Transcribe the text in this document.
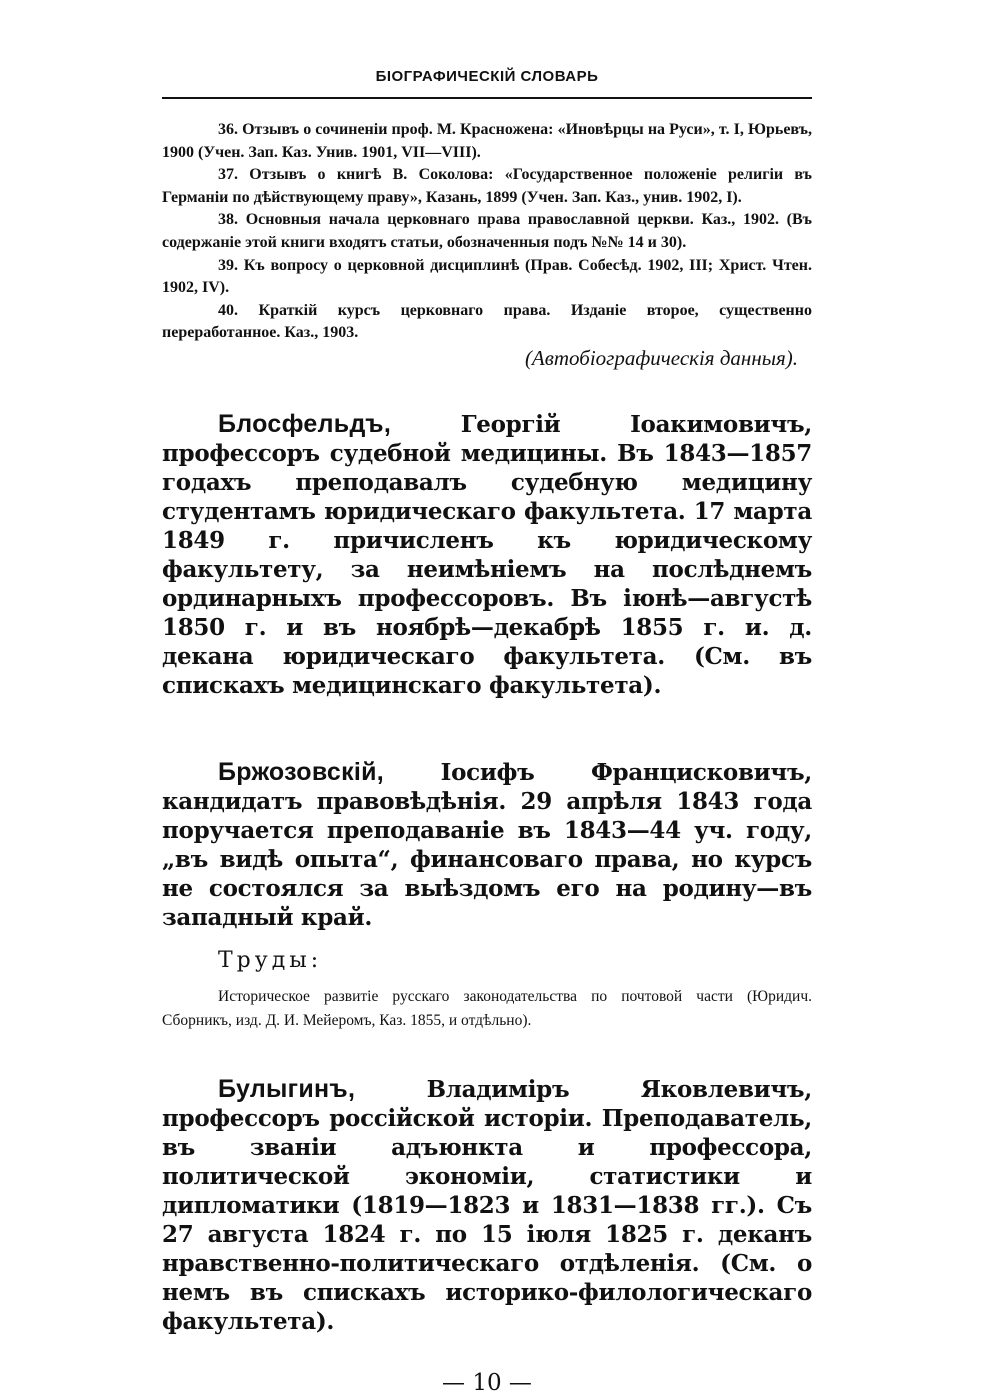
БІОГРАФИЧЕСКІЙ СЛОВАРЬ

36. Отзывъ о сочиненіи проф. М. Красножена: «Иновѣрцы на Руси», т. I, Юрьевъ, 1900 (Учен. Зап. Каз. Унив. 1901, VII—VIII).

37. Отзывъ о книгѣ В. Соколова: «Государственное положеніе религіи въ Германіи по дѣйствующему праву», Казань, 1899 (Учен. Зап. Каз., унив. 1902, I).

38. Основныя начала церковнаго права православной церкви. Каз., 1902. (Въ содержаніе этой книги входятъ статьи, обозначенныя подъ №№ 14 и 30).

39. Къ вопросу о церковной дисциплинѣ (Прав. Собесѣд. 1902, III; Христ. Чтен. 1902, IV).

40. Краткій курсъ церковнаго права. Изданіе второе, существенно переработанное. Каз., 1903.

(Автобіографическія данныя).

Блосфельдъ, Георгій Іоакимовичъ, профессоръ судебной медицины. Въ 1843—1857 годахъ преподавалъ судебную медицину студентамъ юридическаго факультета. 17 марта 1849 г. причисленъ къ юридическому факультету, за неимѣніемъ на послѣднемъ ординарныхъ профессоровъ. Въ іюнѣ—августѣ 1850 г. и въ ноябрѣ—декабрѣ 1855 г. и. д. декана юридическаго факультета. (См. въ спискахъ медицинскаго факультета).

Бржозовскій, Іосифъ Францисковичъ, кандидатъ правовѣдѣнія. 29 апрѣля 1843 года поручается преподаваніе въ 1843—44 уч. году, „въ видѣ опыта“, финансоваго права, но курсъ не состоялся за выѣздомъ его на родину—въ западный край.

Труды:

Историческое развитіе русскаго законодательства по почтовой части (Юридич. Сборникъ, изд. Д. И. Мейеромъ, Каз. 1855, и отдѣльно).

Булыгинъ, Владиміръ Яковлевичъ, профессоръ россійской исторіи. Преподаватель, въ званіи адъюнкта и профессора, политической экономіи, статистики и дипломатики (1819—1823 и 1831—1838 гг.). Съ 27 августа 1824 г. по 15 іюля 1825 г. деканъ нравственно-политическаго отдѣленія. (См. о немъ въ спискахъ историко-филологическаго факультета).

— 10 —
